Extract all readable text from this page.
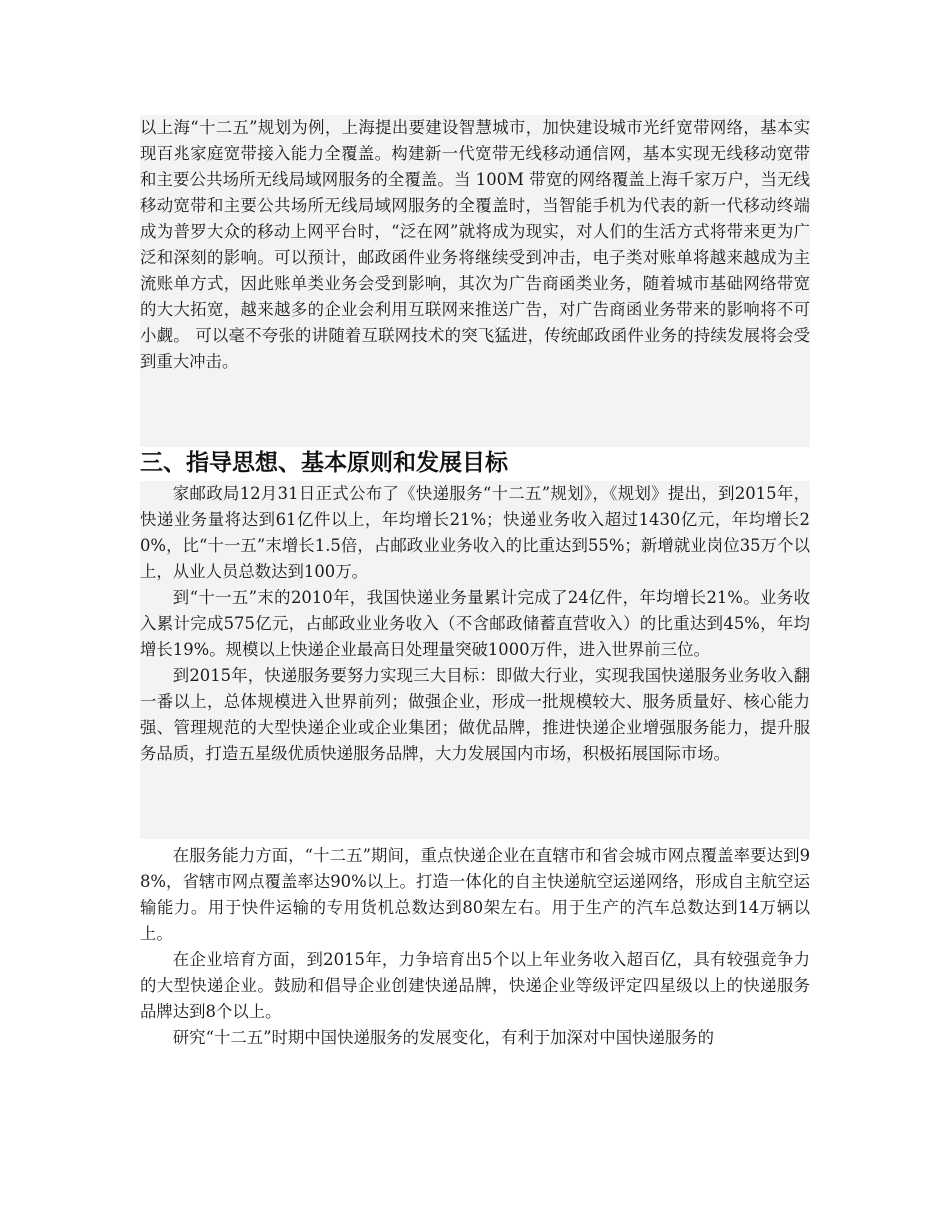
以上海“十二五”规划为例，上海提出要建设智慧城市，加快建设城市光纤宽带网络，基本实现百兆家庭宽带接入能力全覆盖。构建新一代宽带无线移动通信网，基本实现无线移动宽带和主要公共场所无线局域网服务的全覆盖。当 100M 带宽的网络覆盖上海千家万户，当无线移动宽带和主要公共场所无线局域网服务的全覆盖时，当智能手机为代表的新一代移动终端成为普罗大众的移动上网平台时，“泛在网”就将成为现实，对人们的生活方式将带来更为广泛和深刻的影响。可以预计，邮政函件业务将继续受到冲击，电子类对账单将越来越成为主流账单方式，因此账单类业务会受到影响，其次为广告商函类业务，随着城市基础网络带宽的大大拓宽，越来越多的企业会利用互联网来推送广告，对广告商函业务带来的影响将不可小觑。 可以毫不夸张的讲随着互联网技术的突飞猛进，传统邮政函件业务的持续发展将会受到重大冲击。

三、指导思想、基本原则和发展目标

家邮政局12月31日正式公布了《快递服务“十二五”规划》，《规划》提出，到2015年，快递业务量将达到61亿件以上，年均增长21%；快递业务收入超过1430亿元，年均增长20%，比“十一五”末增长1.5倍，占邮政业业务收入的比重达到55%；新增就业岗位35万个以上，从业人员总数达到100万。

到“十一五”末的2010年，我国快递业务量累计完成了24亿件，年均增长21%。业务收入累计完成575亿元，占邮政业业务收入（不含邮政储蓄直营收入）的比重达到45%，年均增长19%。规模以上快递企业最高日处理量突破1000万件，进入世界前三位。

到2015年，快递服务要努力实现三大目标：即做大行业，实现我国快递服务业务收入翻一番以上，总体规模进入世界前列；做强企业，形成一批规模较大、服务质量好、核心能力强、管理规范的大型快递企业或企业集团；做优品牌，推进快递企业增强服务能力，提升服务品质，打造五星级优质快递服务品牌，大力发展国内市场，积极拓展国际市场。

在服务能力方面，“十二五”期间，重点快递企业在直辖市和省会城市网点覆盖率要达到98%，省辖市网点覆盖率达90%以上。打造一体化的自主快递航空运递网络，形成自主航空运输能力。用于快件运输的专用货机总数达到80架左右。用于生产的汽车总数达到14万辆以上。

在企业培育方面，到2015年，力争培育出5个以上年业务收入超百亿，具有较强竞争力的大型快递企业。鼓励和倡导企业创建快递品牌，快递企业等级评定四星级以上的快递服务品牌达到8个以上。

研究“十二五”时期中国快递服务的发展变化，有利于加深对中国快递服务的
